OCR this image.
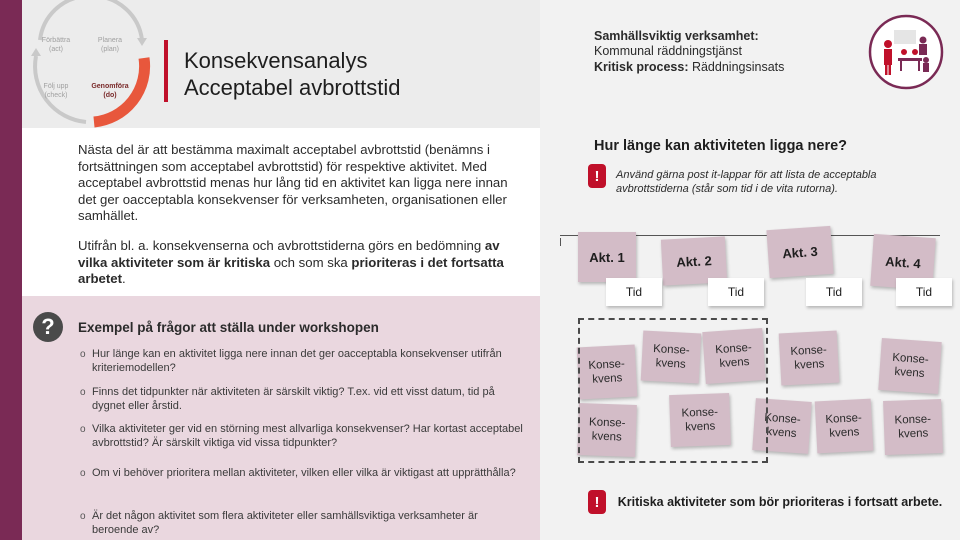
Förbättra
(act)
Planera
(plan)
Följ upp
(check)
Genomföra
(do)
Konsekvensanalys
Acceptabel avbrottstid
Nästa del är att bestämma maximalt acceptabel avbrottstid (benämns i fortsättningen som acceptabel avbrottstid) för respektive aktivitet. Med acceptabel avbrottstid menas hur lång tid en aktivitet kan ligga nere innan det ger oacceptabla konsekvenser för verksamheten, organisationen eller samhället.
Utifrån bl. a. konsekvenserna och avbrottstiderna görs en bedömning av vilka aktiviteter som är kritiska och som ska prioriteras i det fortsatta arbetet.
?	Exempel på frågor att ställa under workshopen
o Hur länge kan en aktivitet ligga nere innan det ger oacceptabla konsekvenser utifrån kriteriemodellen?
o Finns det tidpunkter när aktiviteten är särskilt viktig? T.ex. vid ett visst datum, tid på dygnet eller årstid.
o Vilka aktiviteter ger vid en störning mest allvarliga konsekvenser? Har kortast acceptabel avbrottstid? Är särskilt viktiga vid vissa tidpunkter?
o Om vi behöver prioritera mellan aktiviteter, vilken eller vilka är viktigast att upprätthålla?
o Är det någon aktivitet som flera aktiviteter eller samhällsviktiga verksamheter är beroende av?
Samhällsviktig verksamhet:
Kommunal räddningstjänst
Kritisk process: Räddningsinsats
Hur länge kan aktiviteten ligga nere?
!	Använd gärna post it-lappar för att lista de acceptabla avbrottstiderna (står som tid i de vita rutorna).
Akt. 1	Akt. 2
Akt. 3
Akt. 4
Tid	Tid	Tid	Tid
Konse-
kvens
Konse-
kvens
Konse-
kvens
Konse-
kvens
Konse-
kvens
Konse-
kvens
Konse-
kvens
Konse-
kvens
Konse-
kvens
Konse-
kvens
!	Kritiska aktiviteter som bör prioriteras i fortsatt arbete.
